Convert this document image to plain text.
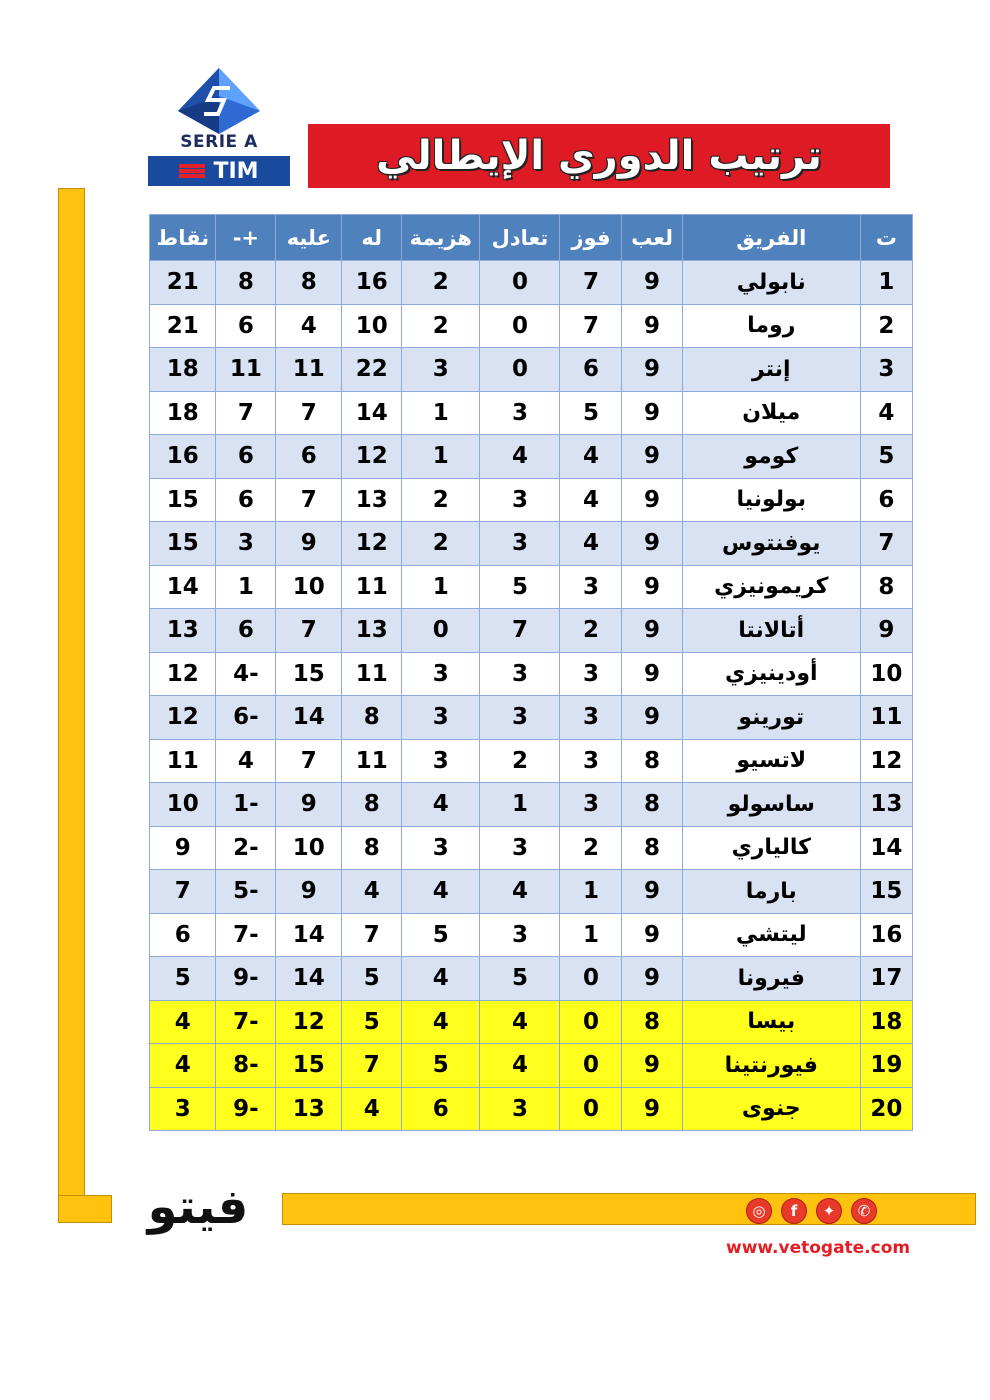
SERIE A
TIM	ترتيب الدوري الإيطالي
ت	الفريق	لعب	فوز	تعادل	هزيمة	له	عليه	+-	نقاط
1	نابولي	9	7	0	2	16	8	8	21
2	روما	9	7	0	2	10	4	6	21
3	إنتر	9	6	0	3	22	11	11	18
4	ميلان	9	5	3	1	14	7	7	18
5	كومو	9	4	4	1	12	6	6	16
6	بولونيا	9	4	3	2	13	7	6	15
7	يوفنتوس	9	4	3	2	12	9	3	15
8	كريمونيزي	9	3	5	1	11	10	1	14
9	أتالانتا	9	2	7	0	13	7	6	13
10	أودينيزي	9	3	3	3	11	15	-4	12
11	تورينو	9	3	3	3	8	14	-6	12
12	لاتسيو	8	3	2	3	11	7	4	11
13	ساسولو	8	3	1	4	8	9	-1	10
14	كالياري	8	2	3	3	8	10	-2	9
15	بارما	9	1	4	4	4	9	-5	7
16	ليتشي	9	1	3	5	7	14	-7	6
17	فيرونا	9	0	5	4	5	14	-9	5
18	بيسا	8	0	4	4	5	12	-7	4
19	فيورنتينا	9	0	4	5	7	15	-8	4
20	جنوى	9	0	3	6	4	13	-9	3
فيتو	◎	f	✦	✆
www.vetogate.com
